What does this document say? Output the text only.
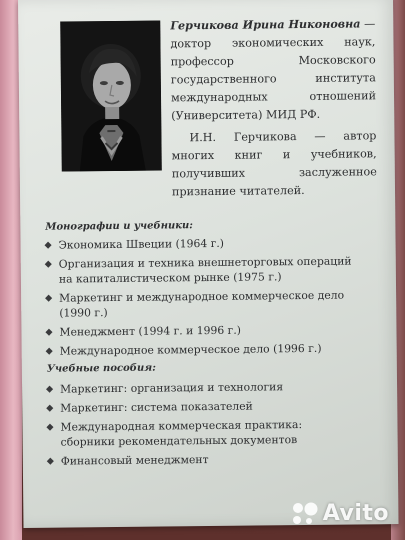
Герчикова Ирина Никоновна — доктор экономических наук, профессор Московского государственного института международных отношений (Университета) МИД РФ.

И.Н. Герчикова — автор многих книг и учебников, получивших заслуженное признание читателей.

Монографии и учебники:
Экономика Швеции (1964 г.)
Организация и техника внешнеторговых операций
на капиталистическом рынке (1975 г.)
Маркетинг и международное коммерческое дело (1990 г.)
Менеджмент (1994 г. и 1996 г.)
Международное коммерческое дело (1996 г.)
Учебные пособия:
Маркетинг: организация и технология
Маркетинг: система показателей
Международная коммерческая практика:
сборники рекомендательных документов
Финансовый менеджмент
Avito
